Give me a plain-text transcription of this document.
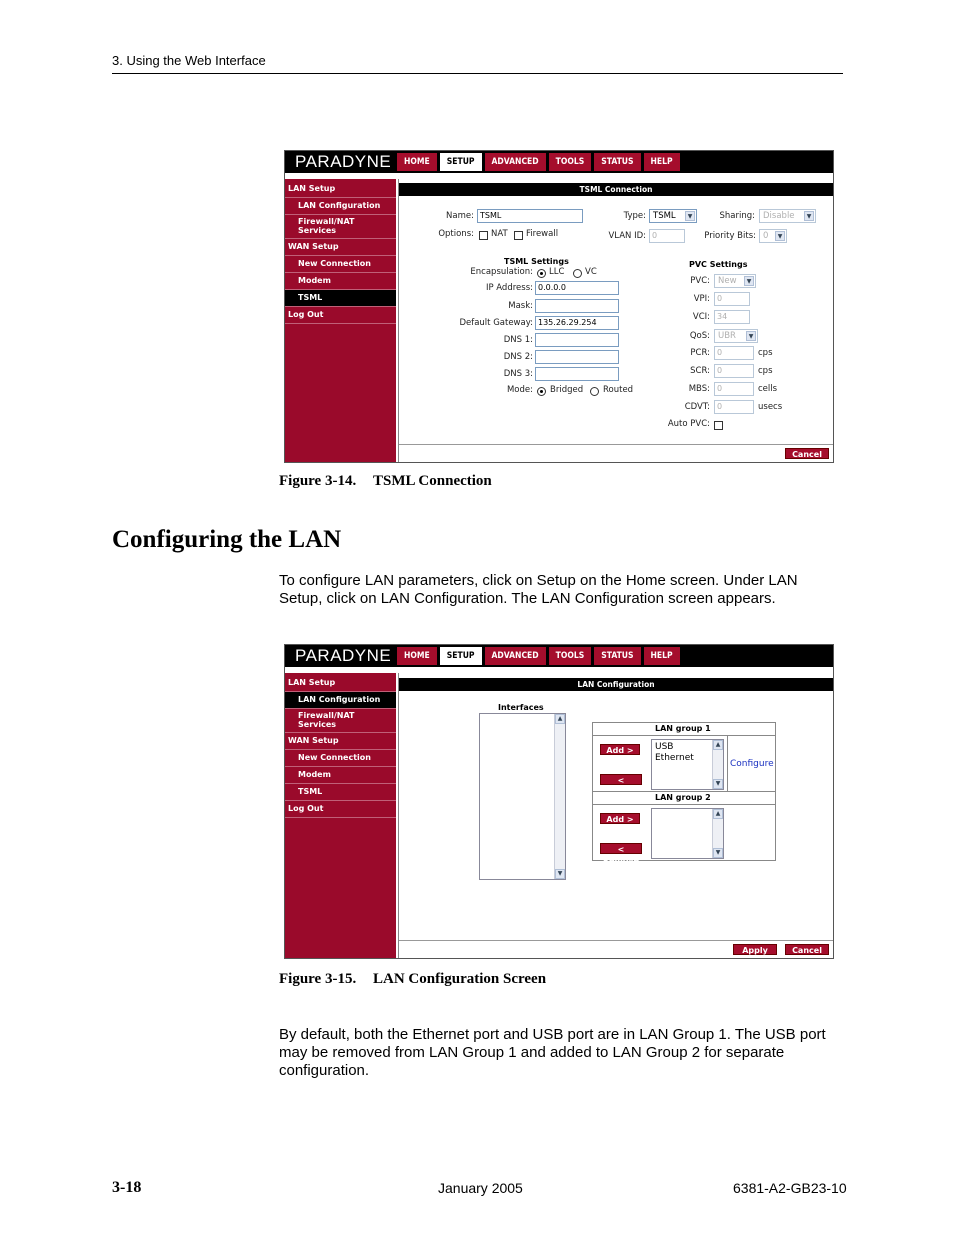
3. Using the Web Interface
PARADYNE	HOME	SETUP	ADVANCED	TOOLS	STATUS	HELP
LAN Setup
LAN Configuration
Firewall/NAT
Services
WAN Setup
New Connection
Modem
TSML
Log Out
TSML Connection
Name: TSML	Type: TSML	▼	Sharing: Disable	▼
Options: NAT Firewall	VLAN ID: 0	Priority Bits: 0	▼
TSML Settings
Encapsulation: LLC VC
IP Address: 0.0.0.0
Mask:
Default Gateway: 135.26.29.254
DNS 1:
DNS 2:
DNS 3:
Mode: Bridged Routed
PVC Settings
PVC: New	▼
VPI: 0
VCI: 34
QoS: UBR	▼
PCR: 0	cps
SCR: 0	cps
MBS: 0	cells
CDVT: 0	usecs
Auto PVC:
Cancel
Figure 3-14. TSML Connection
Configuring the LAN
To configure LAN parameters, click on Setup on the Home screen. Under LAN Setup, click on LAN Configuration. The LAN Configuration screen appears.
PARADYNE	HOME	SETUP	ADVANCED	TOOLS	STATUS	HELP
LAN Setup
LAN Configuration
Firewall/NAT
Services
WAN Setup
New Connection
Modem
TSML
Log Out
LAN Configuration
Interfaces
▲
▼
LAN group 1
Add >
<
USB
Ethernet
▲
▼
Configure
LAN group 2
Add >
< Remove
▲
▼
Apply	Cancel
Figure 3-15. LAN Configuration Screen
By default, both the Ethernet port and USB port are in LAN Group 1. The USB port may be removed from LAN Group 1 and added to LAN Group 2 for separate configuration.
3-18	January 2005	6381-A2-GB23-10
